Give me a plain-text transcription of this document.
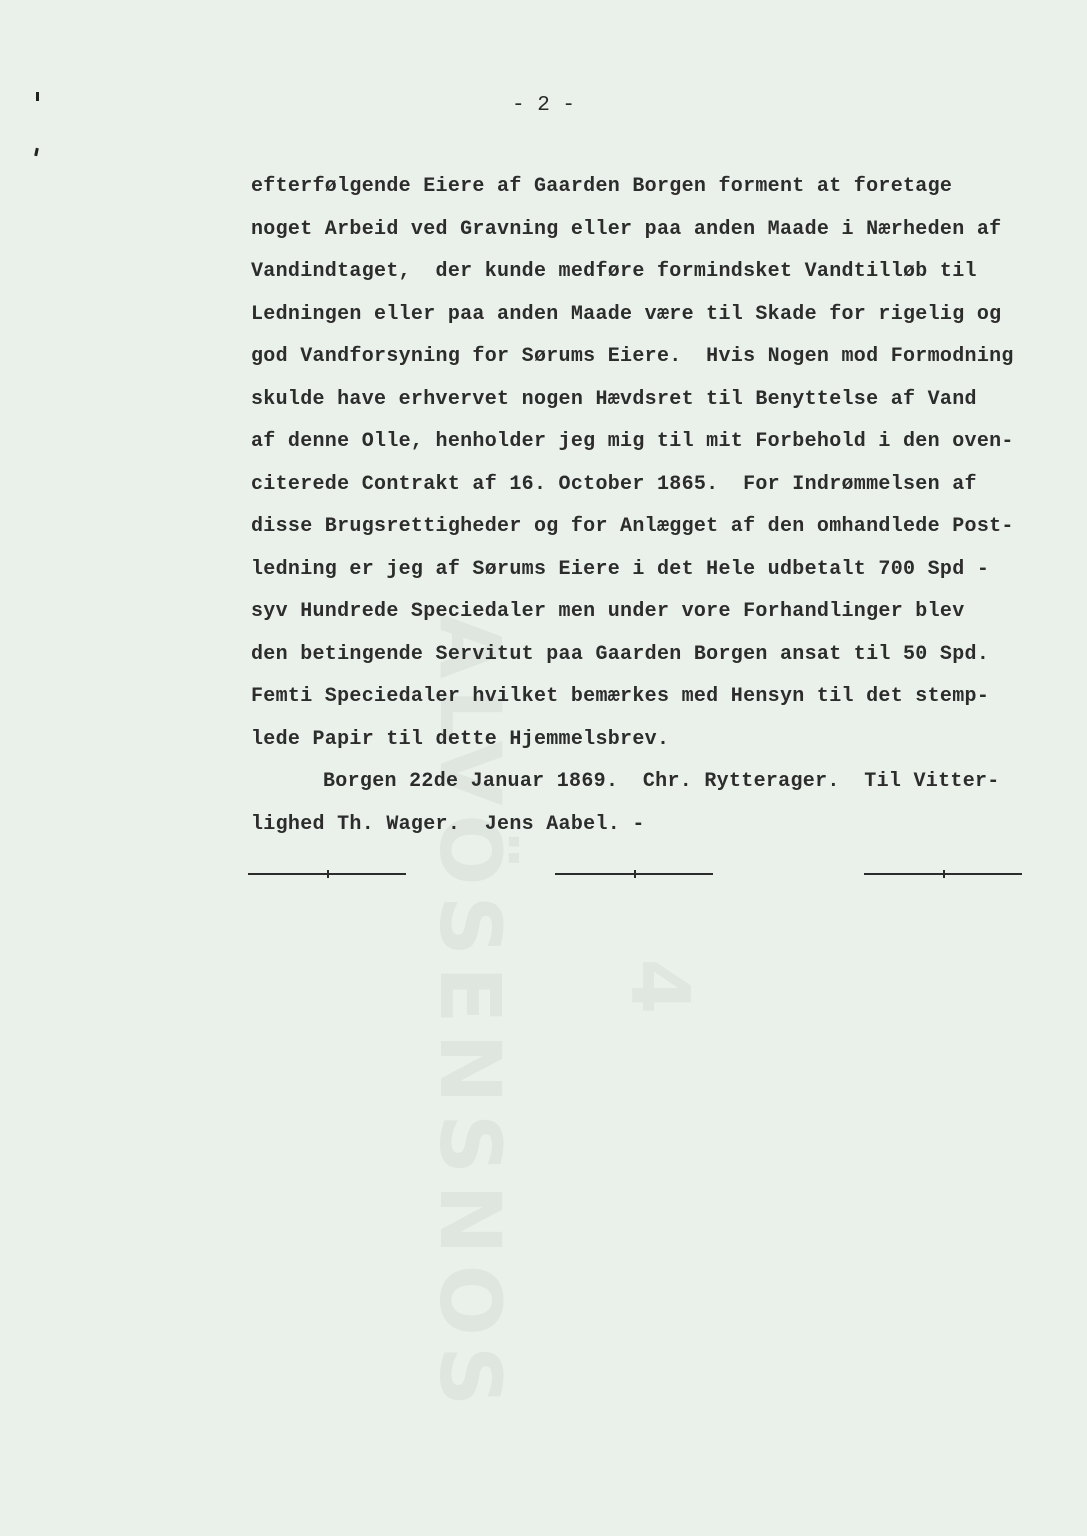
ALVÖSENSNOS 4
- 2 -
efterfølgende Eiere af Gaarden Borgen forment at foretage
noget Arbeid ved Gravning eller paa anden Maade i Nærheden af
Vandindtaget,  der kunde medføre formindsket Vandtilløb til
Ledningen eller paa anden Maade være til Skade for rigelig og
god Vandforsyning for Sørums Eiere.  Hvis Nogen mod Formodning
skulde have erhvervet nogen Hævdsret til Benyttelse af Vand
af denne Olle, henholder jeg mig til mit Forbehold i den oven-
citerede Contrakt af 16. October 1865.  For Indrømmelsen af
disse Brugsrettigheder og for Anlægget af den omhandlede Post-
ledning er jeg af Sørums Eiere i det Hele udbetalt 700 Spd -
syv Hundrede Speciedaler men under vore Forhandlinger blev
den betingende Servitut paa Gaarden Borgen ansat til 50 Spd.
Femti Speciedaler hvilket bemærkes med Hensyn til det stemp-
lede Papir til dette Hjemmelsbrev.
Borgen 22de Januar 1869.  Chr. Rytterager.  Til Vitter-
lighed Th. Wager.  Jens Aabel. -
